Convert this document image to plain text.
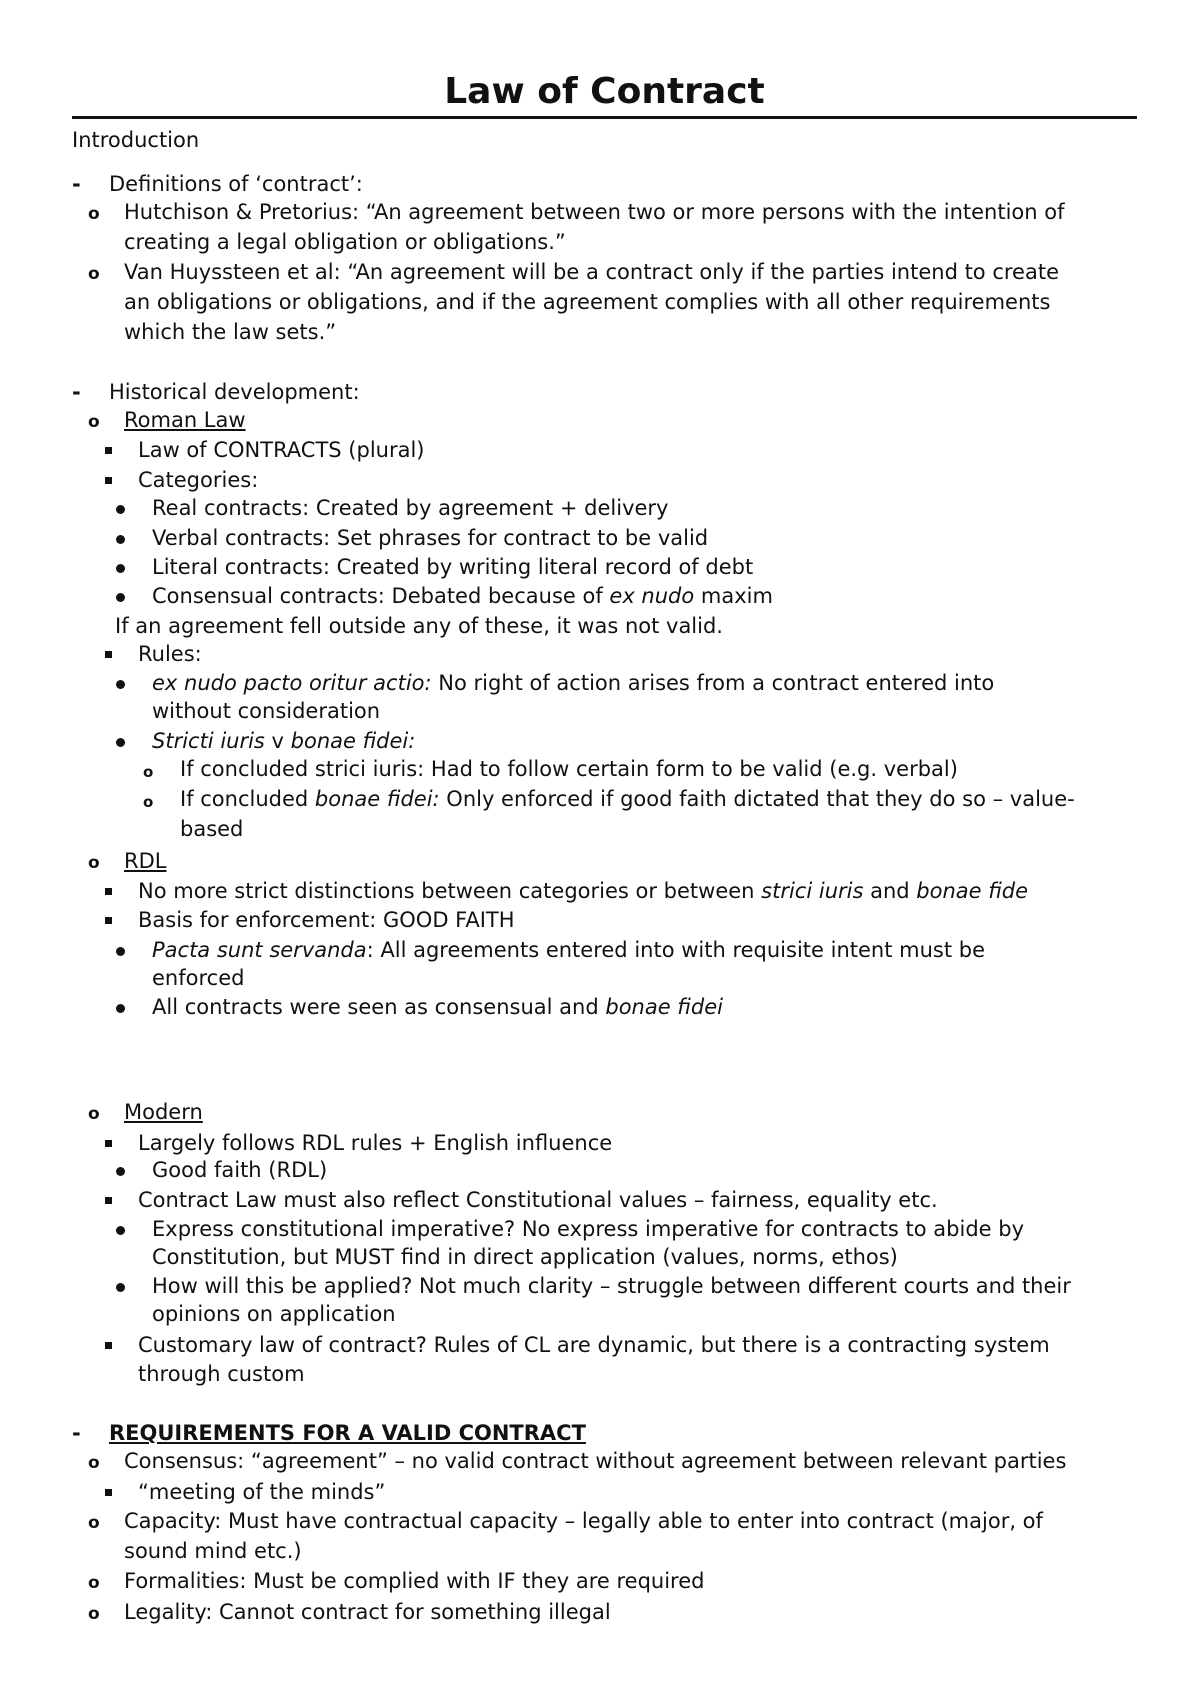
Law of Contract

Introduction

- Definitions of ‘contract’:

o Hutchison & Pretorius: “An agreement between two or more persons with the intention of

creating a legal obligation or obligations.”

o Van Huyssteen et al: “An agreement will be a contract only if the parties intend to create

an obligations or obligations, and if the agreement complies with all other requirements

which the law sets.”

- Historical development:

o Roman Law

Law of CONTRACTS (plural)

Categories:

Real contracts: Created by agreement + delivery

Verbal contracts: Set phrases for contract to be valid

Literal contracts: Created by writing literal record of debt

Consensual contracts: Debated because of ex nudo maxim

If an agreement fell outside any of these, it was not valid.

Rules:

ex nudo pacto oritur actio: No right of action arises from a contract entered into

without consideration

Stricti iuris v bonae fidei:

o If concluded strici iuris: Had to follow certain form to be valid (e.g. verbal)

o If concluded bonae fidei: Only enforced if good faith dictated that they do so – value-

based

o RDL

No more strict distinctions between categories or between strici iuris and bonae fide

Basis for enforcement: GOOD FAITH

Pacta sunt servanda: All agreements entered into with requisite intent must be

enforced

All contracts were seen as consensual and bonae fidei

o Modern

Largely follows RDL rules + English influence

Good faith (RDL)

Contract Law must also reflect Constitutional values – fairness, equality etc.

Express constitutional imperative? No express imperative for contracts to abide by

Constitution, but MUST find in direct application (values, norms, ethos)

How will this be applied? Not much clarity – struggle between different courts and their

opinions on application

Customary law of contract? Rules of CL are dynamic, but there is a contracting system

through custom

- REQUIREMENTS FOR A VALID CONTRACT

o Consensus: “agreement” – no valid contract without agreement between relevant parties

“meeting of the minds”

o Capacity: Must have contractual capacity – legally able to enter into contract (major, of

sound mind etc.)

o Formalities: Must be complied with IF they are required

o Legality: Cannot contract for something illegal
